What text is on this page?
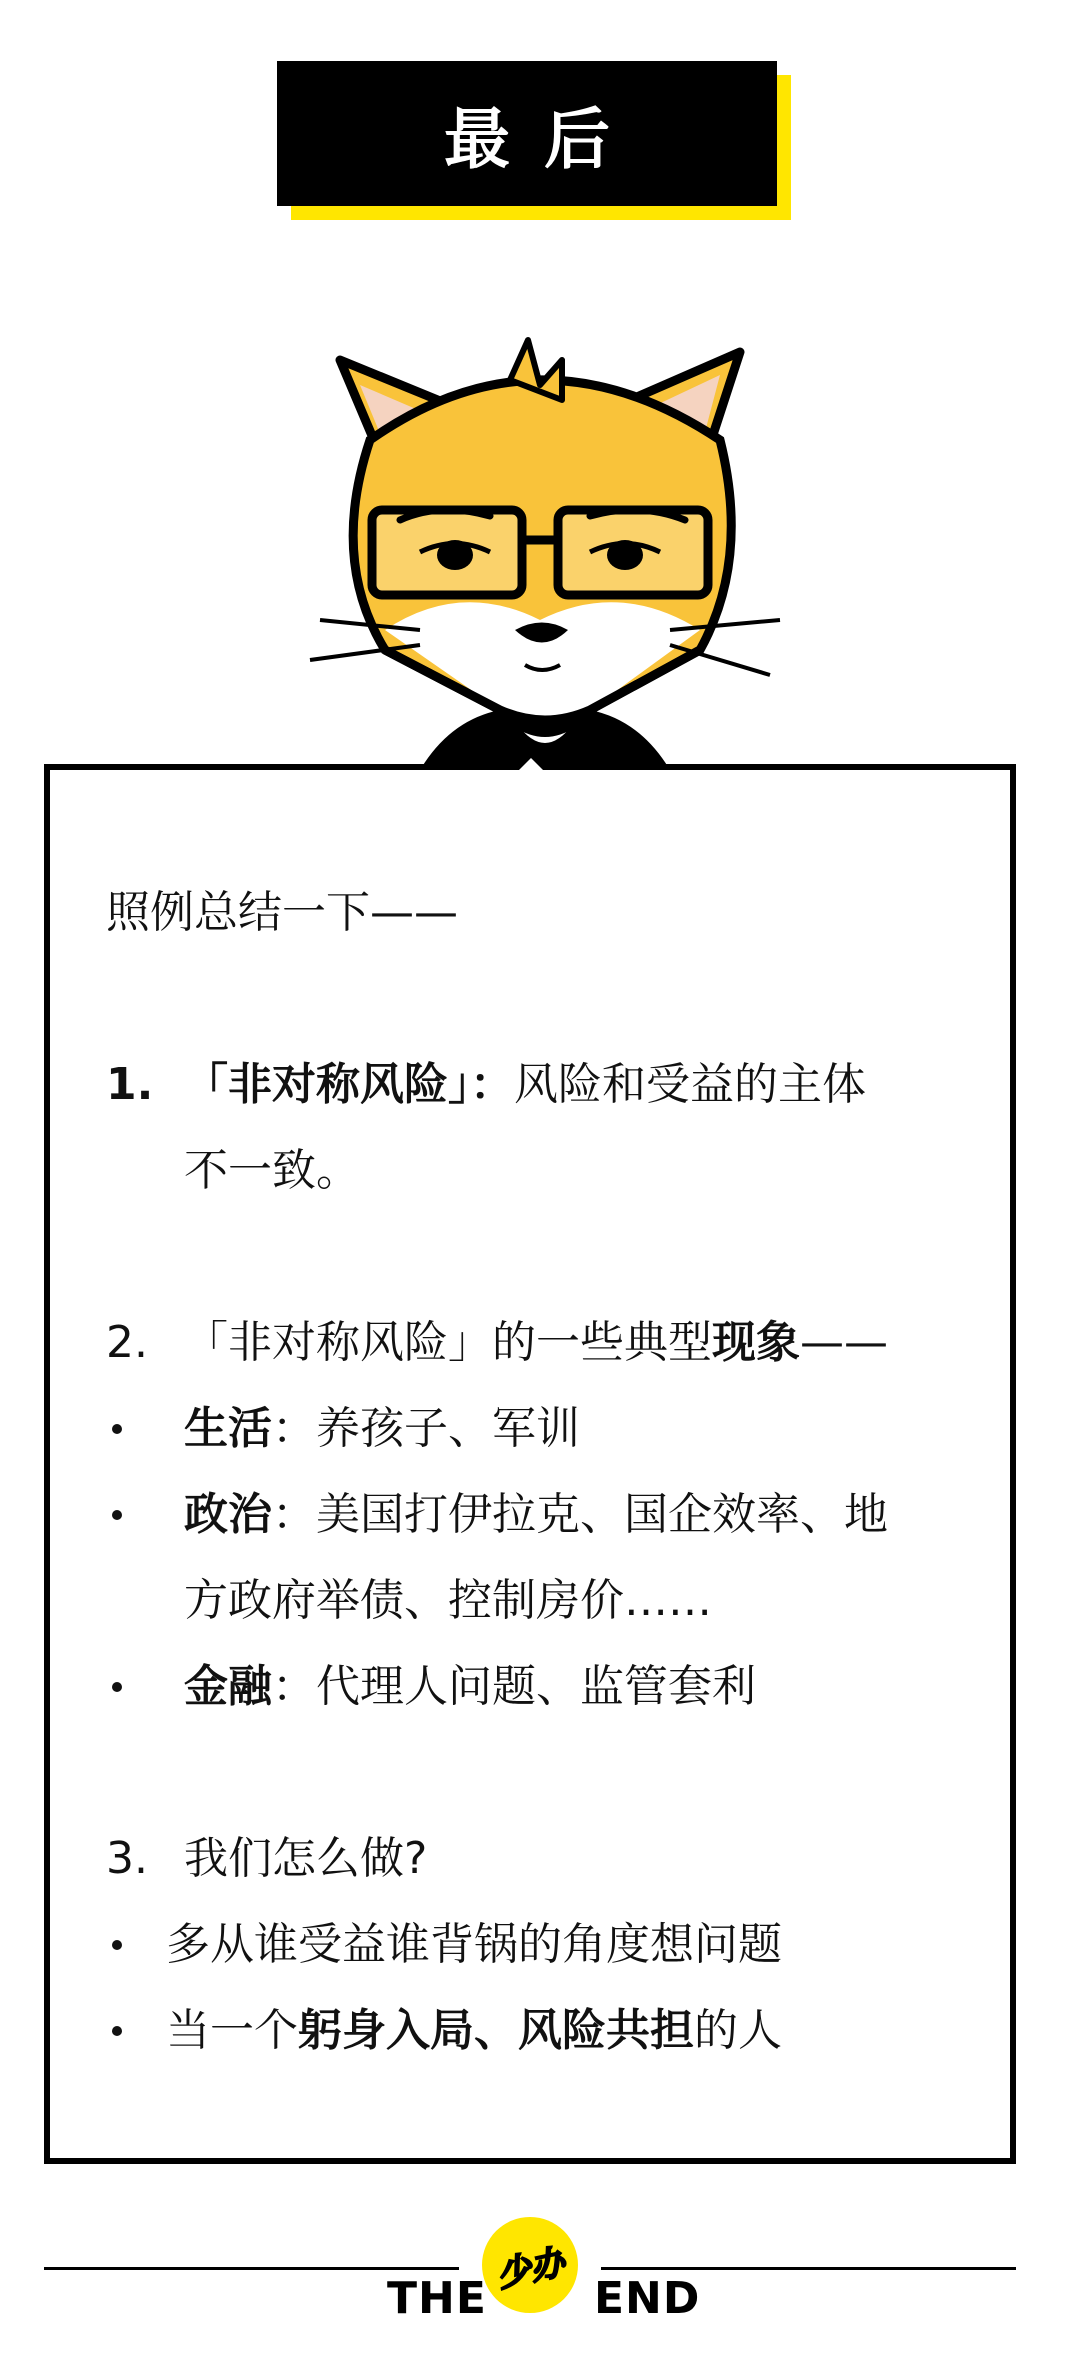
最后
照例总结一下——
1. 「非对称风险」：风险和受益的主体
不一致。
2. 「非对称风险」的一些典型现象——
生活：养孩子、军训
政治：美国打伊拉克、国企效率、地
方政府举债、控制房价……
金融：代理人问题、监管套利
3. 我们怎么做?
多从谁受益谁背锅的角度想问题
当一个躬身入局、风险共担的人
少办
THE END
